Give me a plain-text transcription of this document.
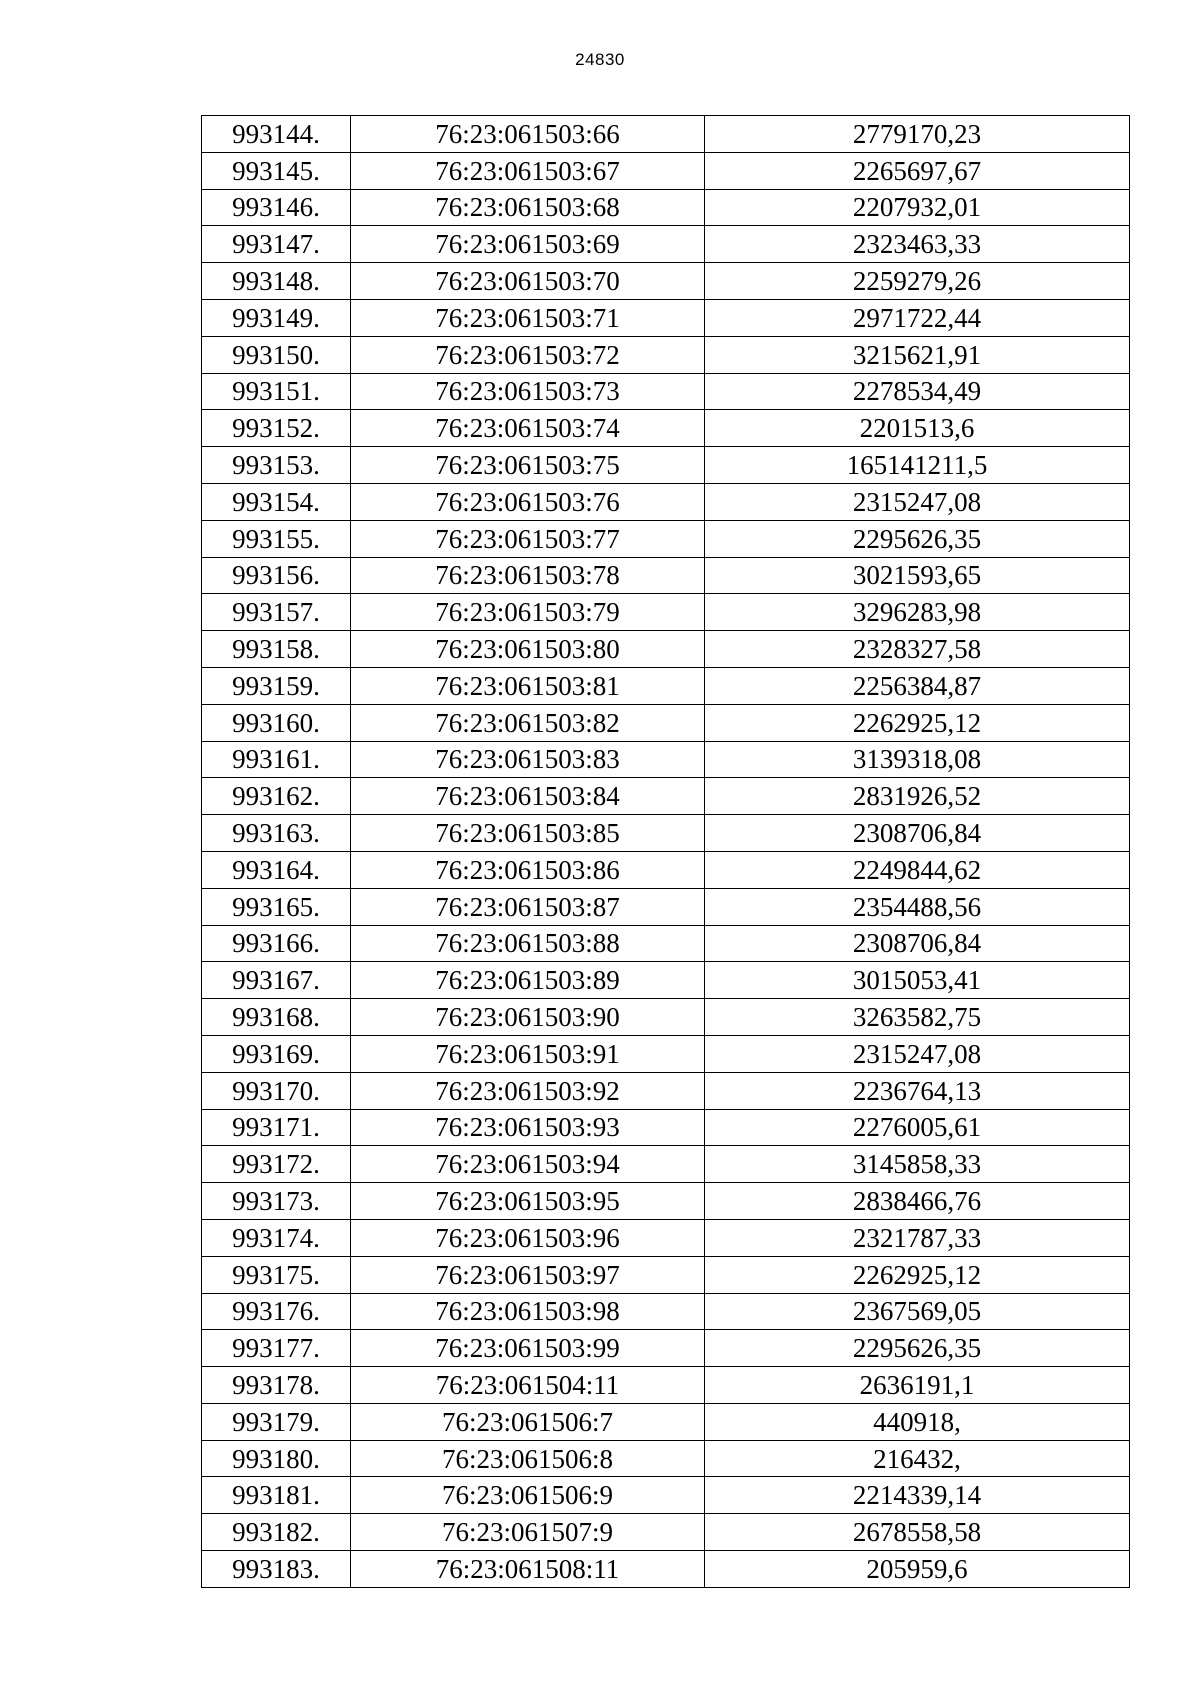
24830
993144.	76:23:061503:66	2779170,23
993145.	76:23:061503:67	2265697,67
993146.	76:23:061503:68	2207932,01
993147.	76:23:061503:69	2323463,33
993148.	76:23:061503:70	2259279,26
993149.	76:23:061503:71	2971722,44
993150.	76:23:061503:72	3215621,91
993151.	76:23:061503:73	2278534,49
993152.	76:23:061503:74	2201513,6
993153.	76:23:061503:75	165141211,5
993154.	76:23:061503:76	2315247,08
993155.	76:23:061503:77	2295626,35
993156.	76:23:061503:78	3021593,65
993157.	76:23:061503:79	3296283,98
993158.	76:23:061503:80	2328327,58
993159.	76:23:061503:81	2256384,87
993160.	76:23:061503:82	2262925,12
993161.	76:23:061503:83	3139318,08
993162.	76:23:061503:84	2831926,52
993163.	76:23:061503:85	2308706,84
993164.	76:23:061503:86	2249844,62
993165.	76:23:061503:87	2354488,56
993166.	76:23:061503:88	2308706,84
993167.	76:23:061503:89	3015053,41
993168.	76:23:061503:90	3263582,75
993169.	76:23:061503:91	2315247,08
993170.	76:23:061503:92	2236764,13
993171.	76:23:061503:93	2276005,61
993172.	76:23:061503:94	3145858,33
993173.	76:23:061503:95	2838466,76
993174.	76:23:061503:96	2321787,33
993175.	76:23:061503:97	2262925,12
993176.	76:23:061503:98	2367569,05
993177.	76:23:061503:99	2295626,35
993178.	76:23:061504:11	2636191,1
993179.	76:23:061506:7	440918,
993180.	76:23:061506:8	216432,
993181.	76:23:061506:9	2214339,14
993182.	76:23:061507:9	2678558,58
993183.	76:23:061508:11	205959,6
